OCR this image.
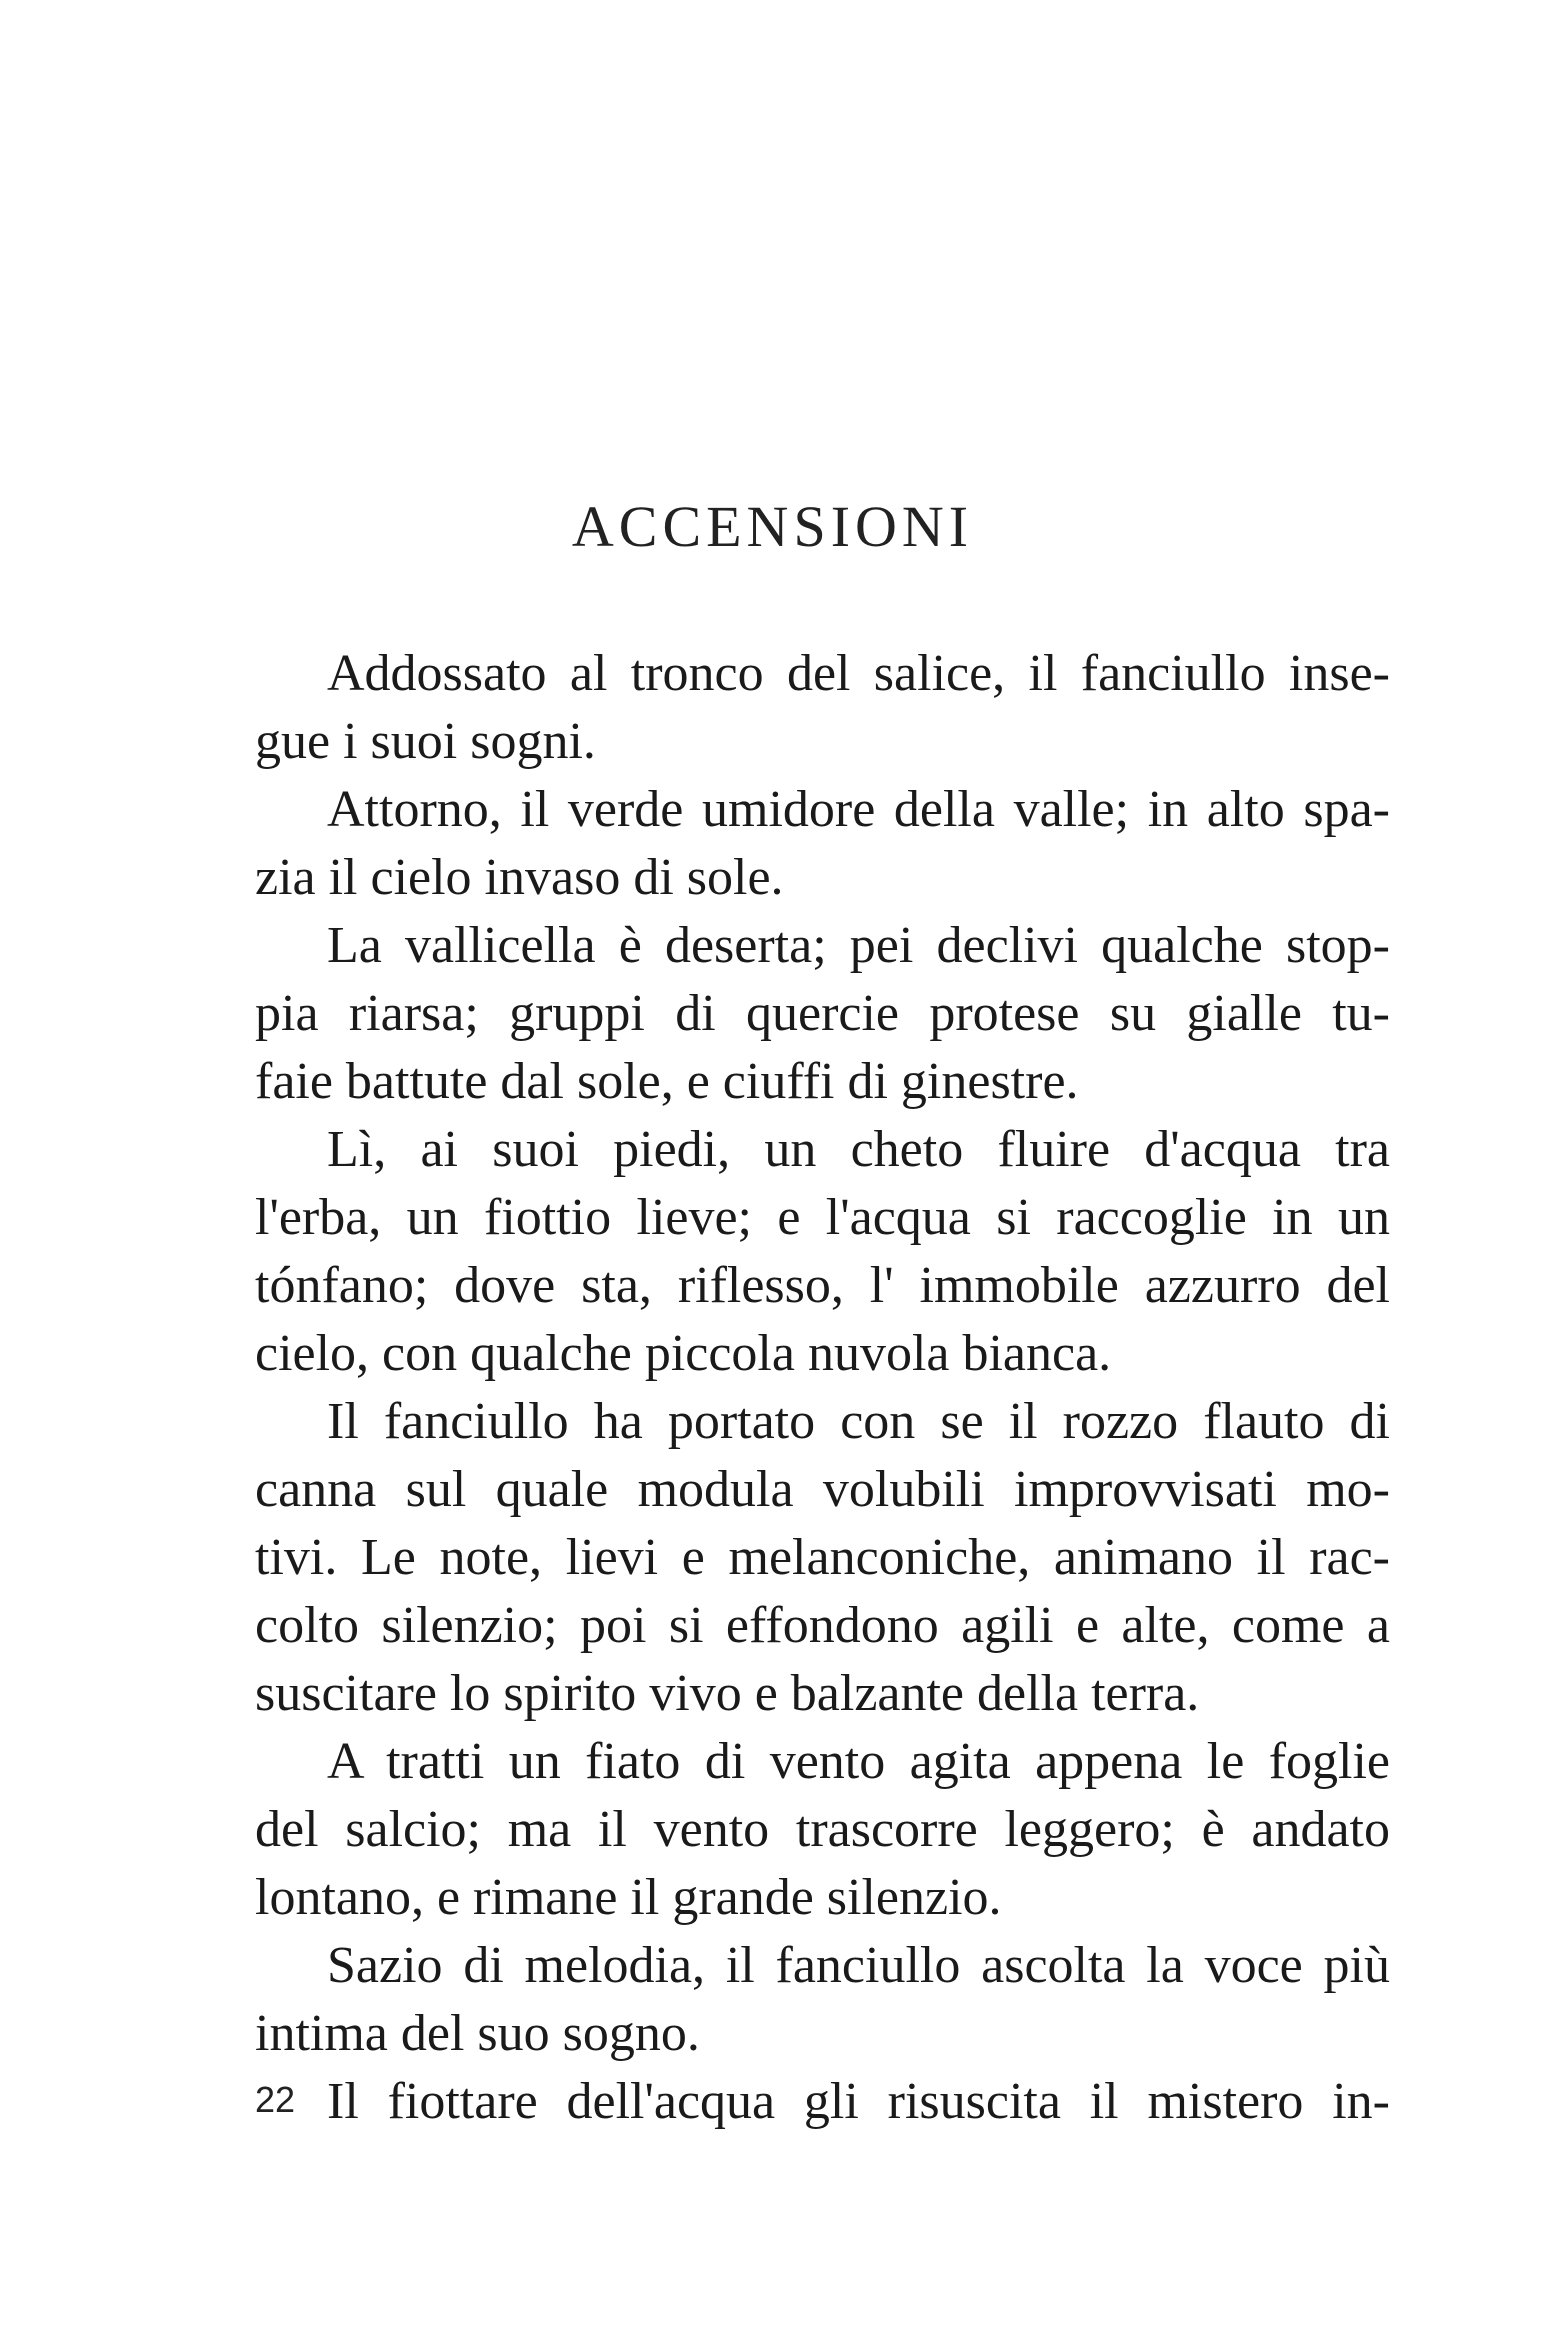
ACCENSIONI
Addossato al tronco del salice, il fanciullo inse-
gue i suoi sogni.
Attorno, il verde umidore della valle; in alto spa-
zia il cielo invaso di sole.
La vallicella è deserta; pei declivi qualche stop-
pia riarsa; gruppi di quercie protese su gialle tu-
faie battute dal sole, e ciuffi di ginestre.
Lì, ai suoi piedi, un cheto fluire d'acqua tra
l'erba, un fiottio lieve; e l'acqua si raccoglie in un
tónfano; dove sta, riflesso, l' immobile azzurro del
cielo, con qualche piccola nuvola bianca.
Il fanciullo ha portato con se il rozzo flauto di
canna sul quale modula volubili improvvisati mo-
tivi. Le note, lievi e melanconiche, animano il rac-
colto silenzio; poi si effondono agili e alte, come a
suscitare lo spirito vivo e balzante della terra.
A tratti un fiato di vento agita appena le foglie
del salcio; ma il vento trascorre leggero; è andato
lontano, e rimane il grande silenzio.
Sazio di melodia, il fanciullo ascolta la voce più
intima del suo sogno.
Il fiottare dell'acqua gli risuscita il mistero in-
22
